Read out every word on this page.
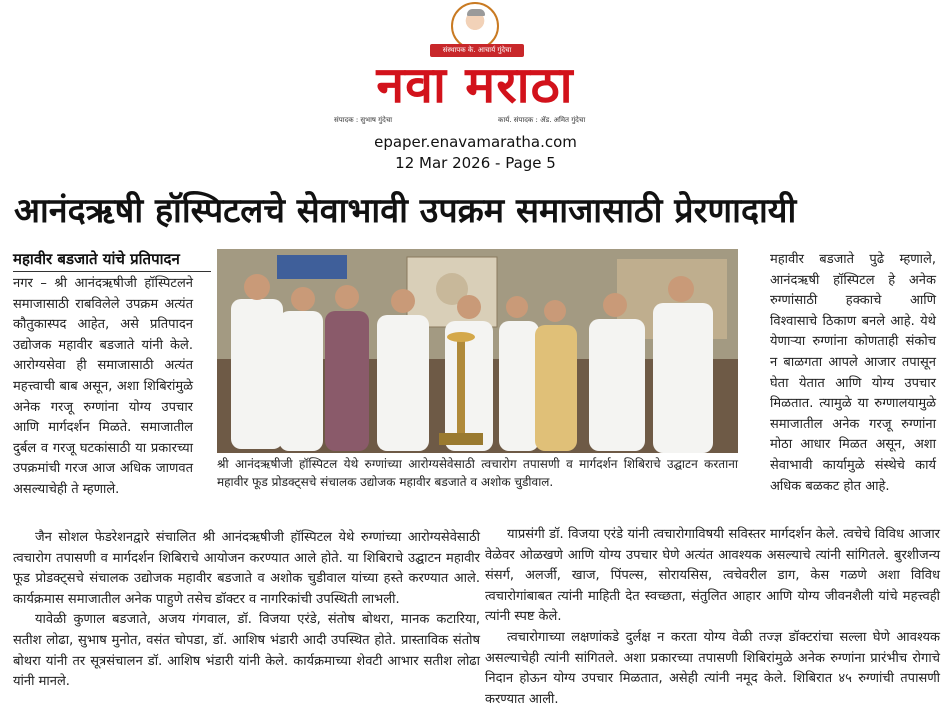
संस्थापक के. आचार्य गुंदेचा
नवा मराठा
संपादक : सुभाष गुंदेचा	कार्य. संपादक : ॲड. अमित गुंदेचा
epaper.enavamaratha.com
12 Mar 2026 - Page 5
आनंदऋषी हॉस्पिटलचे सेवाभावी उपक्रम समाजासाठी प्रेरणादायी
महावीर बडजाते यांचे प्रतिपादन

नगर – श्री आनंदऋषीजी हॉस्पिटलने समाजासाठी राबविलेले उपक्रम अत्यंत कौतुकास्पद आहेत, असे प्रतिपादन उद्योजक महावीर बडजाते यांनी केले. आरोग्यसेवा ही समाजासाठी अत्यंत महत्त्वाची बाब असून, अशा शिबिरांमुळे अनेक गरजू रुग्णांना योग्य उपचार आणि मार्गदर्शन मिळते. समाजातील दुर्बल व गरजू घटकांसाठी या प्रकारच्या उपक्रमांची गरज आज अधिक जाणवत असल्याचेही ते म्हणाले.

श्री आनंदऋषीजी हॉस्पिटल येथे रुग्णांच्या आरोग्यसेवेसाठी त्वचारोग तपासणी व मार्गदर्शन शिबिराचे उद्घाटन करताना महावीर फूड प्रोडक्ट्सचे संचालक उद्योजक महावीर बडजाते व अशोक चुडीवाल.

महावीर बडजाते पुढे म्हणाले, आनंदऋषी हॉस्पिटल हे अनेक रुग्णांसाठी हक्काचे आणि विश्वासाचे ठिकाण बनले आहे. येथे येणाऱ्या रुग्णांना कोणताही संकोच न बाळगता आपले आजार तपासून घेता येतात आणि योग्य उपचार मिळतात. त्यामुळे या रुग्णालयामुळे समाजातील अनेक गरजू रुग्णांना मोठा आधार मिळत असून, अशा सेवाभावी कार्यामुळे संस्थेचे कार्य अधिक बळकट होत आहे.

जैन सोशल फेडरेशनद्वारे संचालित श्री आनंदऋषीजी हॉस्पिटल येथे रुग्णांच्या आरोग्यसेवेसाठी त्वचारोग तपासणी व मार्गदर्शन शिबिराचे आयोजन करण्यात आले होते. या शिबिराचे उद्घाटन महावीर फूड प्रोडक्ट्सचे संचालक उद्योजक महावीर बडजाते व अशोक चुडीवाल यांच्या हस्ते करण्यात आले. कार्यक्रमास समाजातील अनेक पाहुणे तसेच डॉक्टर व नागरिकांची उपस्थिती लाभली.

यावेळी कुणाल बडजाते, अजय गंगवाल, डॉ. विजया एरंडे, संतोष बोथरा, मानक कटारिया, सतीश लोढा, सुभाष मुनोत, वसंत चोपडा, डॉ. आशिष भंडारी आदी उपस्थित होते. प्रास्ताविक संतोष बोथरा यांनी तर सूत्रसंचालन डॉ. आशिष भंडारी यांनी केले. कार्यक्रमाच्या शेवटी आभार सतीश लोढा यांनी मानले.

याप्रसंगी डॉ. विजया एरंडे यांनी त्वचारोगाविषयी सविस्तर मार्गदर्शन केले. त्वचेचे विविध आजार वेळेवर ओळखणे आणि योग्य उपचार घेणे अत्यंत आवश्यक असल्याचे त्यांनी सांगितले. बुरशीजन्य संसर्ग, अलर्जी, खाज, पिंपल्स, सोरायसिस, त्वचेवरील डाग, केस गळणे अशा विविध त्वचारोगांबाबत त्यांनी माहिती देत स्वच्छता, संतुलित आहार आणि योग्य जीवनशैली यांचे महत्त्वही त्यांनी स्पष्ट केले.

त्वचारोगाच्या लक्षणांकडे दुर्लक्ष न करता योग्य वेळी तज्ज्ञ डॉक्टरांचा सल्ला घेणे आवश्यक असल्याचेही त्यांनी सांगितले. अशा प्रकारच्या तपासणी शिबिरांमुळे अनेक रुग्णांना प्रारंभीच रोगाचे निदान होऊन योग्य उपचार मिळतात, असेही त्यांनी नमूद केले. शिबिरात ४५ रुग्णांची तपासणी करण्यात आली.
